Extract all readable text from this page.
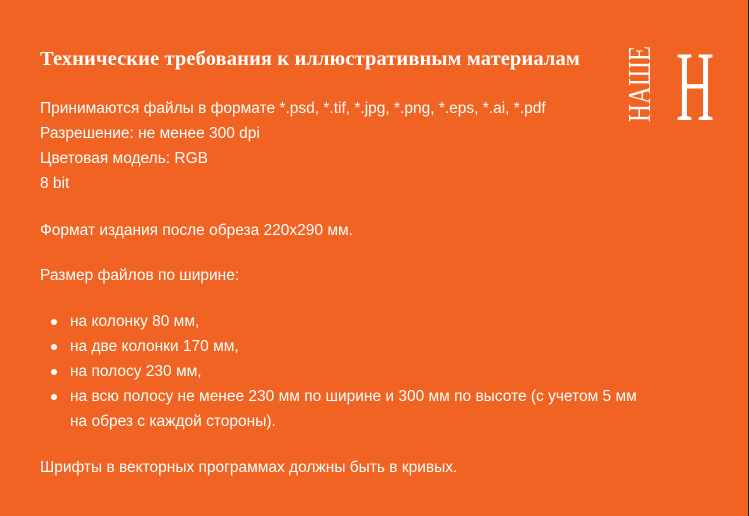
Технические требования к иллюстративным материалам НАШЕ Н
Принимаются файлы в формате *.psd, *.tif, *.jpg, *.png, *.eps, *.ai, *.pdf
Разрешение: не менее 300 dpi
Цветовая модель: RGB
8 bit
Формат издания после обреза 220х290 мм.
Размер файлов по ширине:
на колонку 80 мм,
на две колонки 170 мм,
на полосу 230 мм,
на всю полосу не менее 230 мм по ширине и 300 мм по высоте (с учетом 5 мм
на обрез с каждой стороны).
Шрифты в векторных программах должны быть в кривых.
